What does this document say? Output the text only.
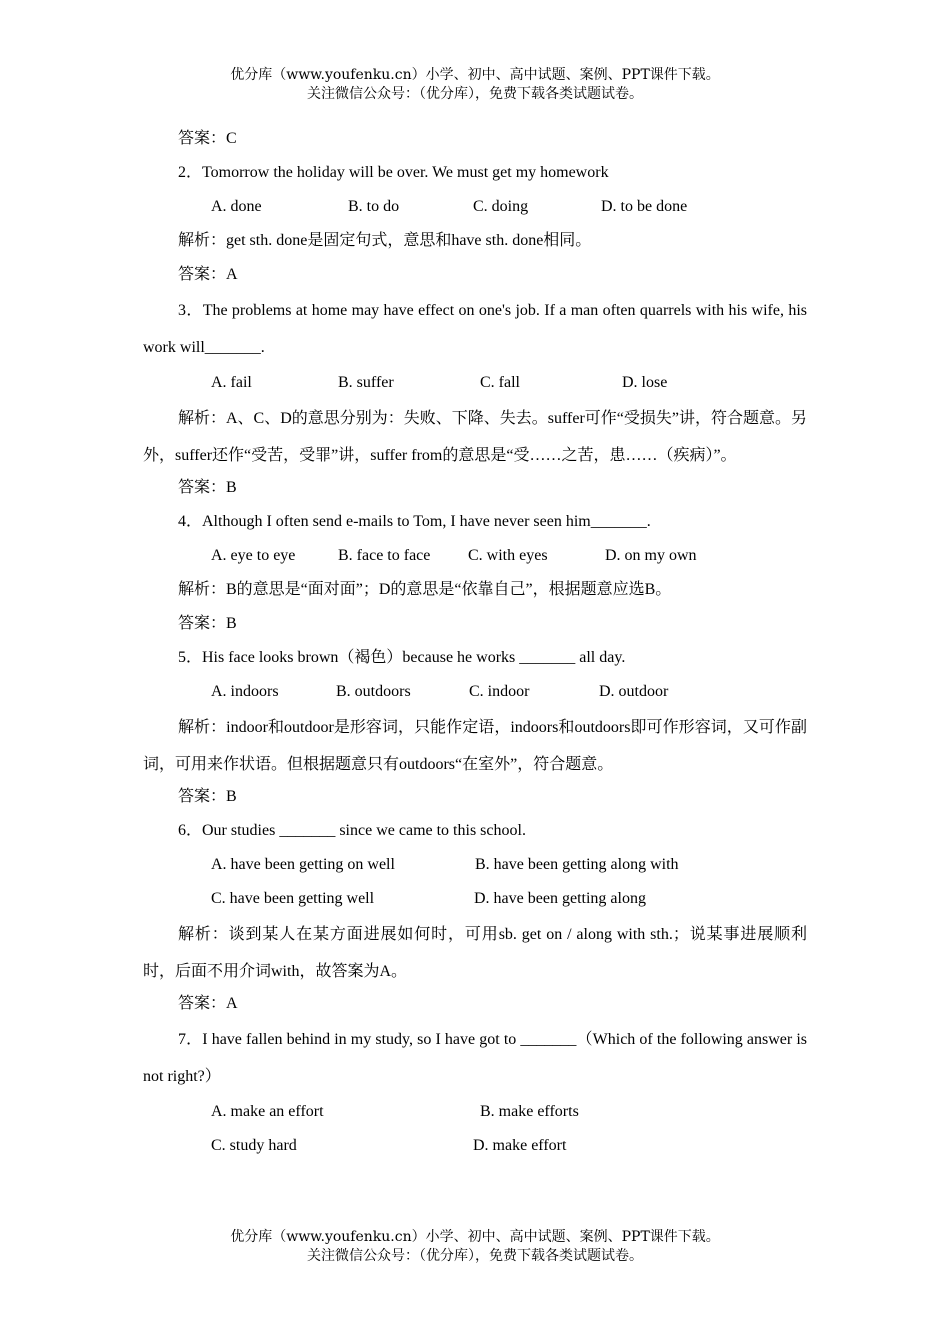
优分库（www.youfenku.cn）小学、初中、高中试题、案例、PPT课件下载。
关注微信公众号：（优分库），免费下载各类试题试卷。
答案：C
2．Tomorrow the holiday will be over. We must get my homework
A. done	B. to do	C. doing	D. to be done
解析：get sth. done是固定句式，意思和have sth. done相同。
答案：A
3．The problems at home may have effect on one's job. If a man often quarrels with his wife, his work will_______.
A. fail	B. suffer	C. fall	D. lose
解析：A、C、D的意思分别为：失败、下降、失去。suffer可作“受损失”讲，符合题意。另外，suffer还作“受苦，受罪”讲，suffer from的意思是“受……之苦，患……（疾病）”。
答案：B
4．Although I often send e-mails to Tom, I have never seen him_______.
A. eye to eye	B. face to face C. with eyes	D. on my own
解析：B的意思是“面对面”；D的意思是“依靠自己”，根据题意应选B。
答案：B
5．His face looks brown（褐色）because he works _______ all day.
A. indoors	B. outdoors	C. indoor	D. outdoor
解析：indoor和outdoor是形容词，只能作定语，indoors和outdoors即可作形容词，又可作副词，可用来作状语。但根据题意只有outdoors“在室外”，符合题意。
答案：B
6．Our studies _______ since we came to this school.
A. have been getting on well	B. have been getting along with
C. have been getting well	D. have been getting along
解析：谈到某人在某方面进展如何时，可用sb. get on / along with sth.；说某事进展顺利时，后面不用介词with，故答案为A。
答案：A
7．I have fallen behind in my study, so I have got to _______（Which of the following answer is not right?）
A. make an effort	B. make efforts
C. study hard	D. make effort
优分库（www.youfenku.cn）小学、初中、高中试题、案例、PPT课件下载。
关注微信公众号：（优分库），免费下载各类试题试卷。
